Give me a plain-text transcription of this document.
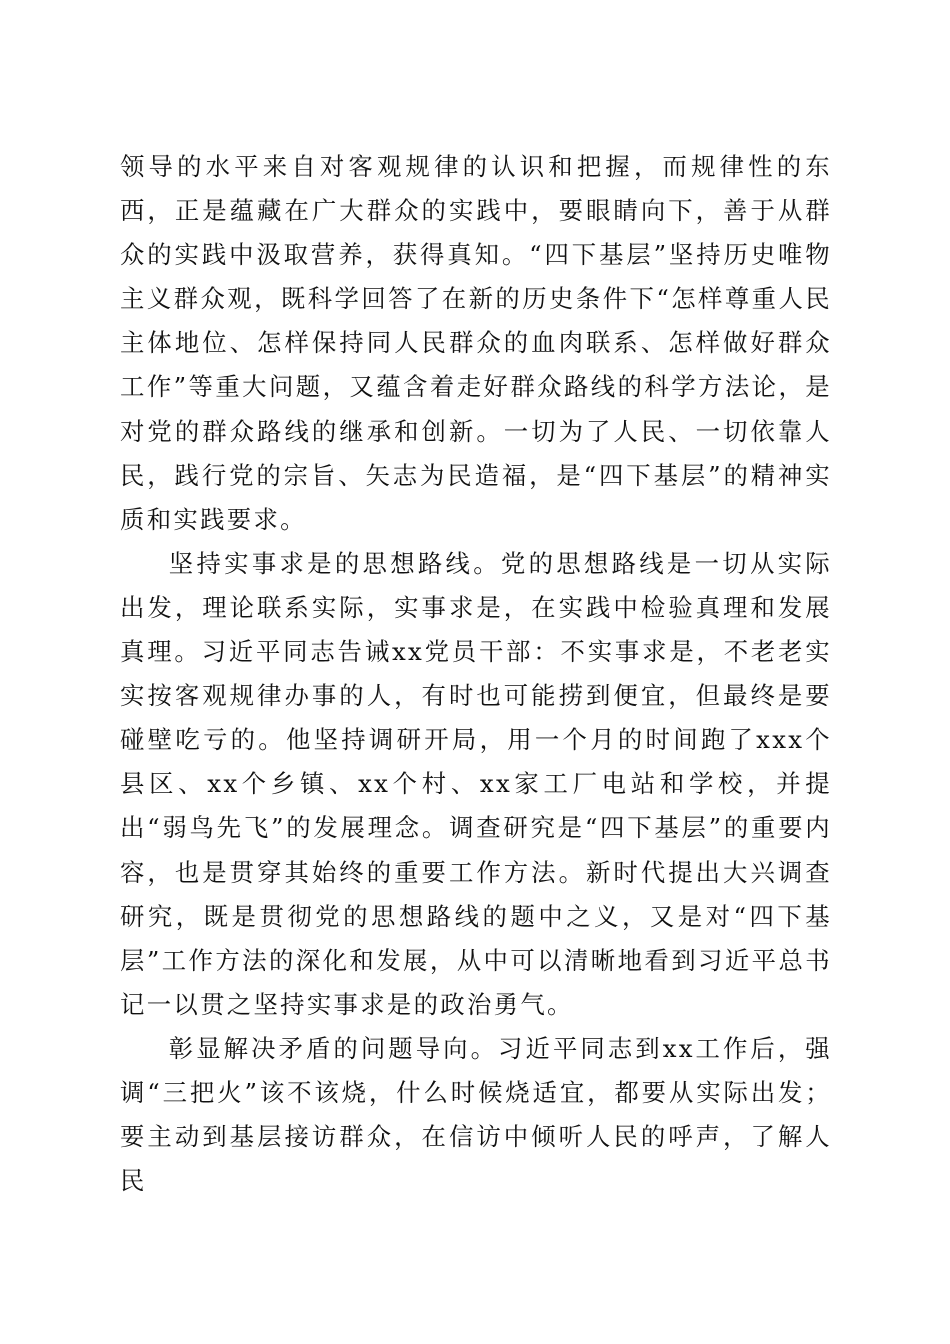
领导的水平来自对客观规律的认识和把握，而规律性的东西，正是蕴藏在广大群众的实践中，要眼睛向下，善于从群众的实践中汲取营养，获得真知。“四下基层”坚持历史唯物主义群众观，既科学回答了在新的历史条件下“怎样尊重人民主体地位、怎样保持同人民群众的血肉联系、怎样做好群众工作”等重大问题，又蕴含着走好群众路线的科学方法论，是对党的群众路线的继承和创新。一切为了人民、一切依靠人民，践行党的宗旨、矢志为民造福，是“四下基层”的精神实质和实践要求。

坚持实事求是的思想路线。党的思想路线是一切从实际出发，理论联系实际，实事求是，在实践中检验真理和发展真理。习近平同志告诫xx党员干部：不实事求是，不老老实实按客观规律办事的人，有时也可能捞到便宜，但最终是要碰壁吃亏的。他坚持调研开局，用一个月的时间跑了xxx个县区、xx个乡镇、xx个村、xx家工厂电站和学校，并提出“弱鸟先飞”的发展理念。调查研究是“四下基层”的重要内容，也是贯穿其始终的重要工作方法。新时代提出大兴调查研究，既是贯彻党的思想路线的题中之义，又是对“四下基层”工作方法的深化和发展，从中可以清晰地看到习近平总书记一以贯之坚持实事求是的政治勇气。

彰显解决矛盾的问题导向。习近平同志到xx工作后，强调“三把火”该不该烧，什么时候烧适宜，都要从实际出发；要主动到基层接访群众，在信访中倾听人民的呼声，了解人民
